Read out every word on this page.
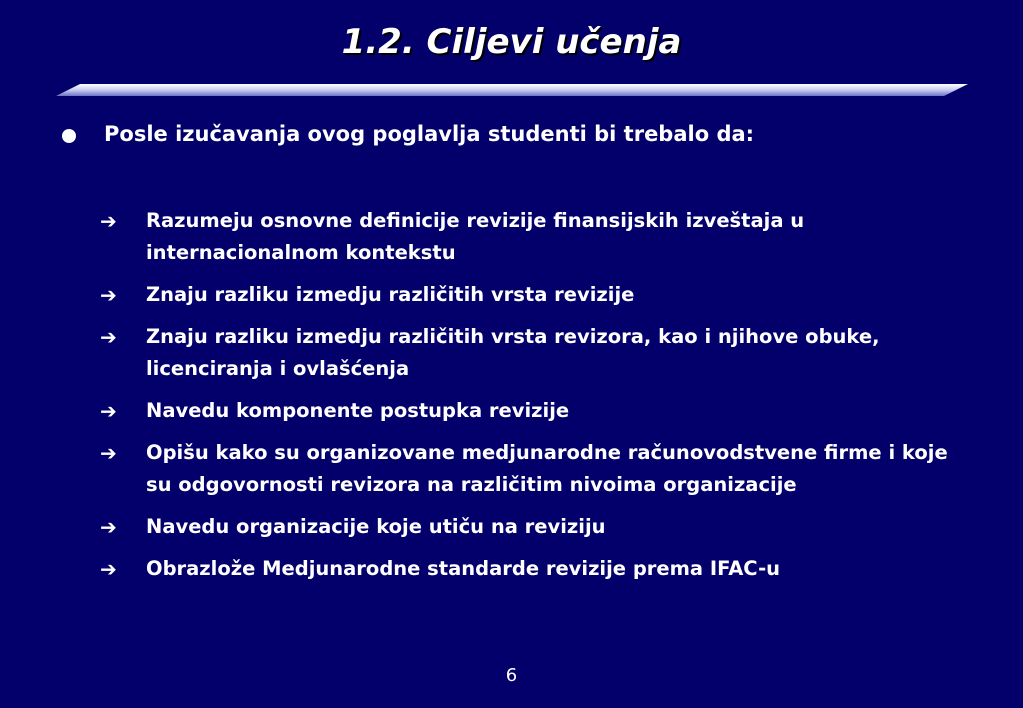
1.2. Ciljevi učenja
Posle izučavanja ovog poglavlja studenti bi trebalo da:
➔	Razumeju osnovne definicije revizije finansijskih izveštaja u internacionalnom kontekstu
➔	Znaju razliku izmedju različitih vrsta revizije
➔	Znaju razliku izmedju različitih vrsta revizora, kao i njihove obuke, licenciranja i ovlašćenja
➔	Navedu komponente postupka revizije
➔	Opišu kako su organizovane medjunarodne računovodstvene firme i koje su odgovornosti revizora na različitim nivoima organizacije
➔	Navedu organizacije koje utiču na reviziju
➔	Obrazlože Medjunarodne standarde revizije prema IFAC-u
6
